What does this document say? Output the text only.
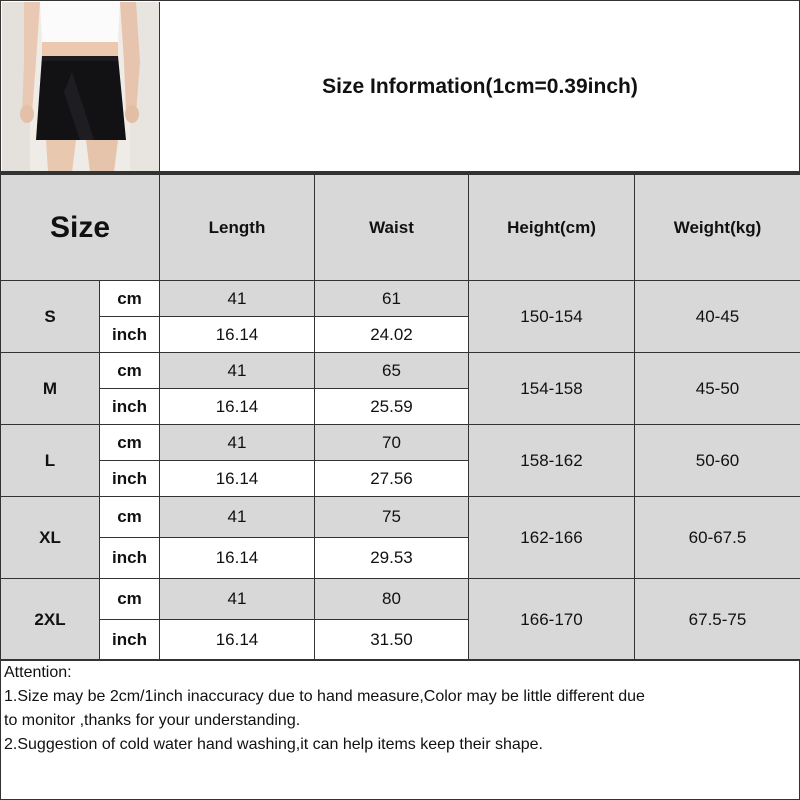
Size Information(1cm=0.39inch)
Size		Length	Waist	Height(cm)	Weight(kg)
S	cm	41	61	150-154	40-45
	inch	16.14	24.02		
M	cm	41	65	154-158	45-50
	inch	16.14	25.59		
L	cm	41	70	158-162	50-60
	inch	16.14	27.56		
XL	cm	41	75	162-166	60-67.5
	inch	16.14	29.53		
2XL	cm	41	80	166-170	67.5-75
	inch	16.14	31.50		
Attention:
1.Size may be 2cm/1inch inaccuracy due to hand measure,Color may be little different due
to monitor ,thanks for your understanding.
2.Suggestion of cold water hand washing,it can help items keep their shape.
